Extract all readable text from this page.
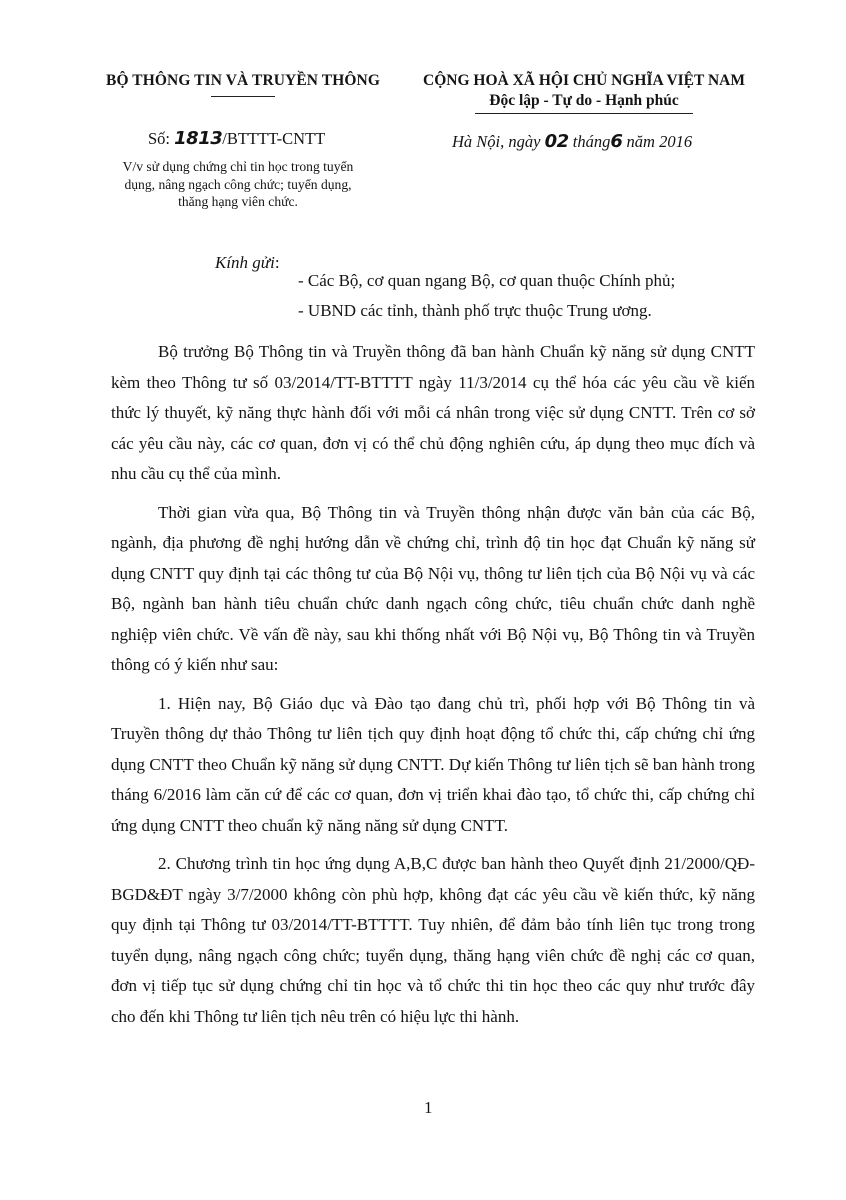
BỘ THÔNG TIN VÀ TRUYỀN THÔNG	CỘNG HOÀ XÃ HỘI CHỦ NGHĨA VIỆT NAM
Độc lập - Tự do - Hạnh phúc
Số: 1813/BTTTT-CNTT
V/v sử dụng chứng chỉ tin học trong tuyển dụng, nâng ngạch công chức; tuyển dụng, thăng hạng viên chức.
Hà Nội, ngày 02 tháng6 năm 2016
Kính gửi:
- Các Bộ, cơ quan ngang Bộ, cơ quan thuộc Chính phủ;
- UBND các tỉnh, thành phố trực thuộc Trung ương.

Bộ trưởng Bộ Thông tin và Truyền thông đã ban hành Chuẩn kỹ năng sử dụng CNTT kèm theo Thông tư số 03/2014/TT-BTTTT ngày 11/3/2014 cụ thể hóa các yêu cầu về kiến thức lý thuyết, kỹ năng thực hành đối với mỗi cá nhân trong việc sử dụng CNTT. Trên cơ sở các yêu cầu này, các cơ quan, đơn vị có thể chủ động nghiên cứu, áp dụng theo mục đích và nhu cầu cụ thể của mình.

Thời gian vừa qua, Bộ Thông tin và Truyền thông nhận được văn bản của các Bộ, ngành, địa phương đề nghị hướng dẫn về chứng chỉ, trình độ tin học đạt Chuẩn kỹ năng sử dụng CNTT quy định tại các thông tư của Bộ Nội vụ, thông tư liên tịch của Bộ Nội vụ và các Bộ, ngành ban hành tiêu chuẩn chức danh ngạch công chức, tiêu chuẩn chức danh nghề nghiệp viên chức. Về vấn đề này, sau khi thống nhất với Bộ Nội vụ, Bộ Thông tin và Truyền thông có ý kiến như sau:

1. Hiện nay, Bộ Giáo dục và Đào tạo đang chủ trì, phối hợp với Bộ Thông tin và Truyền thông dự thảo Thông tư liên tịch quy định hoạt động tổ chức thi, cấp chứng chỉ ứng dụng CNTT theo Chuẩn kỹ năng sử dụng CNTT. Dự kiến Thông tư liên tịch sẽ ban hành trong tháng 6/2016 làm căn cứ để các cơ quan, đơn vị triển khai đào tạo, tổ chức thi, cấp chứng chỉ ứng dụng CNTT theo chuẩn kỹ năng năng sử dụng CNTT.

2. Chương trình tin học ứng dụng A,B,C được ban hành theo Quyết định 21/2000/QĐ-BGD&ĐT ngày 3/7/2000 không còn phù hợp, không đạt các yêu cầu về kiến thức, kỹ năng quy định tại Thông tư 03/2014/TT-BTTTT. Tuy nhiên, để đảm bảo tính liên tục trong trong tuyển dụng, nâng ngạch công chức; tuyển dụng, thăng hạng viên chức đề nghị các cơ quan, đơn vị tiếp tục sử dụng chứng chỉ tin học và tổ chức thi tin học theo các quy như trước đây cho đến khi Thông tư liên tịch nêu trên có hiệu lực thi hành.

1
